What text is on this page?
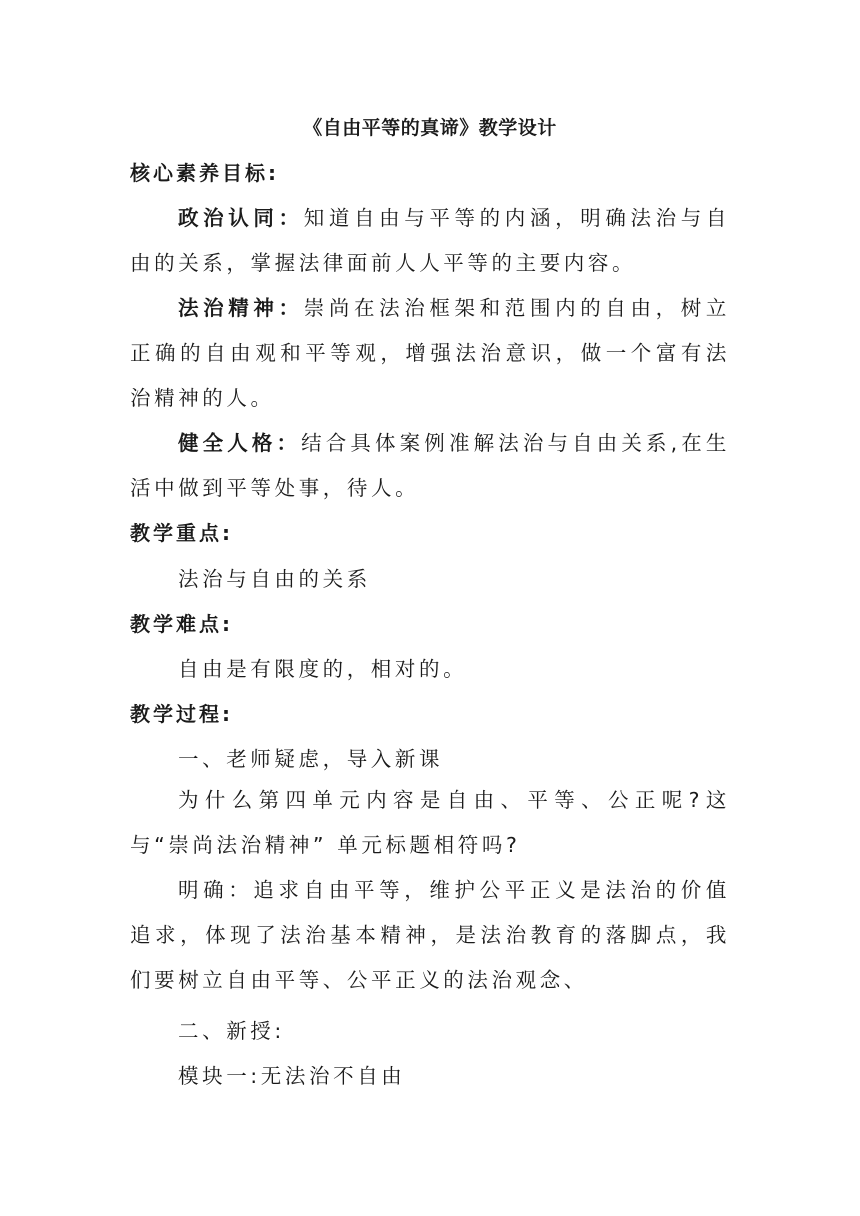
《自由平等的真谛》教学设计
核心素养目标:

政治认同：知道自由与平等的内涵，明确法治与自由的关系，掌握法律面前人人平等的主要内容。

法治精神：崇尚在法治框架和范围内的自由，树立正确的自由观和平等观，增强法治意识，做一个富有法治精神的人。

健全人格：结合具体案例准解法治与自由关系,在生活中做到平等处事，待人。

教学重点:
法治与自由的关系
教学难点:
自由是有限度的，相对的。
教学过程:
一、老师疑虑，导入新课

为什么第四单元内容是自由、平等、公正呢?这与“崇尚法治精神” 单元标题相符吗?

明确：追求自由平等，维护公平正义是法治的价值追求，体现了法治基本精神，是法治教育的落脚点，我们要树立自由平等、公平正义的法治观念、

二、新授:
模块一:无法治不自由
